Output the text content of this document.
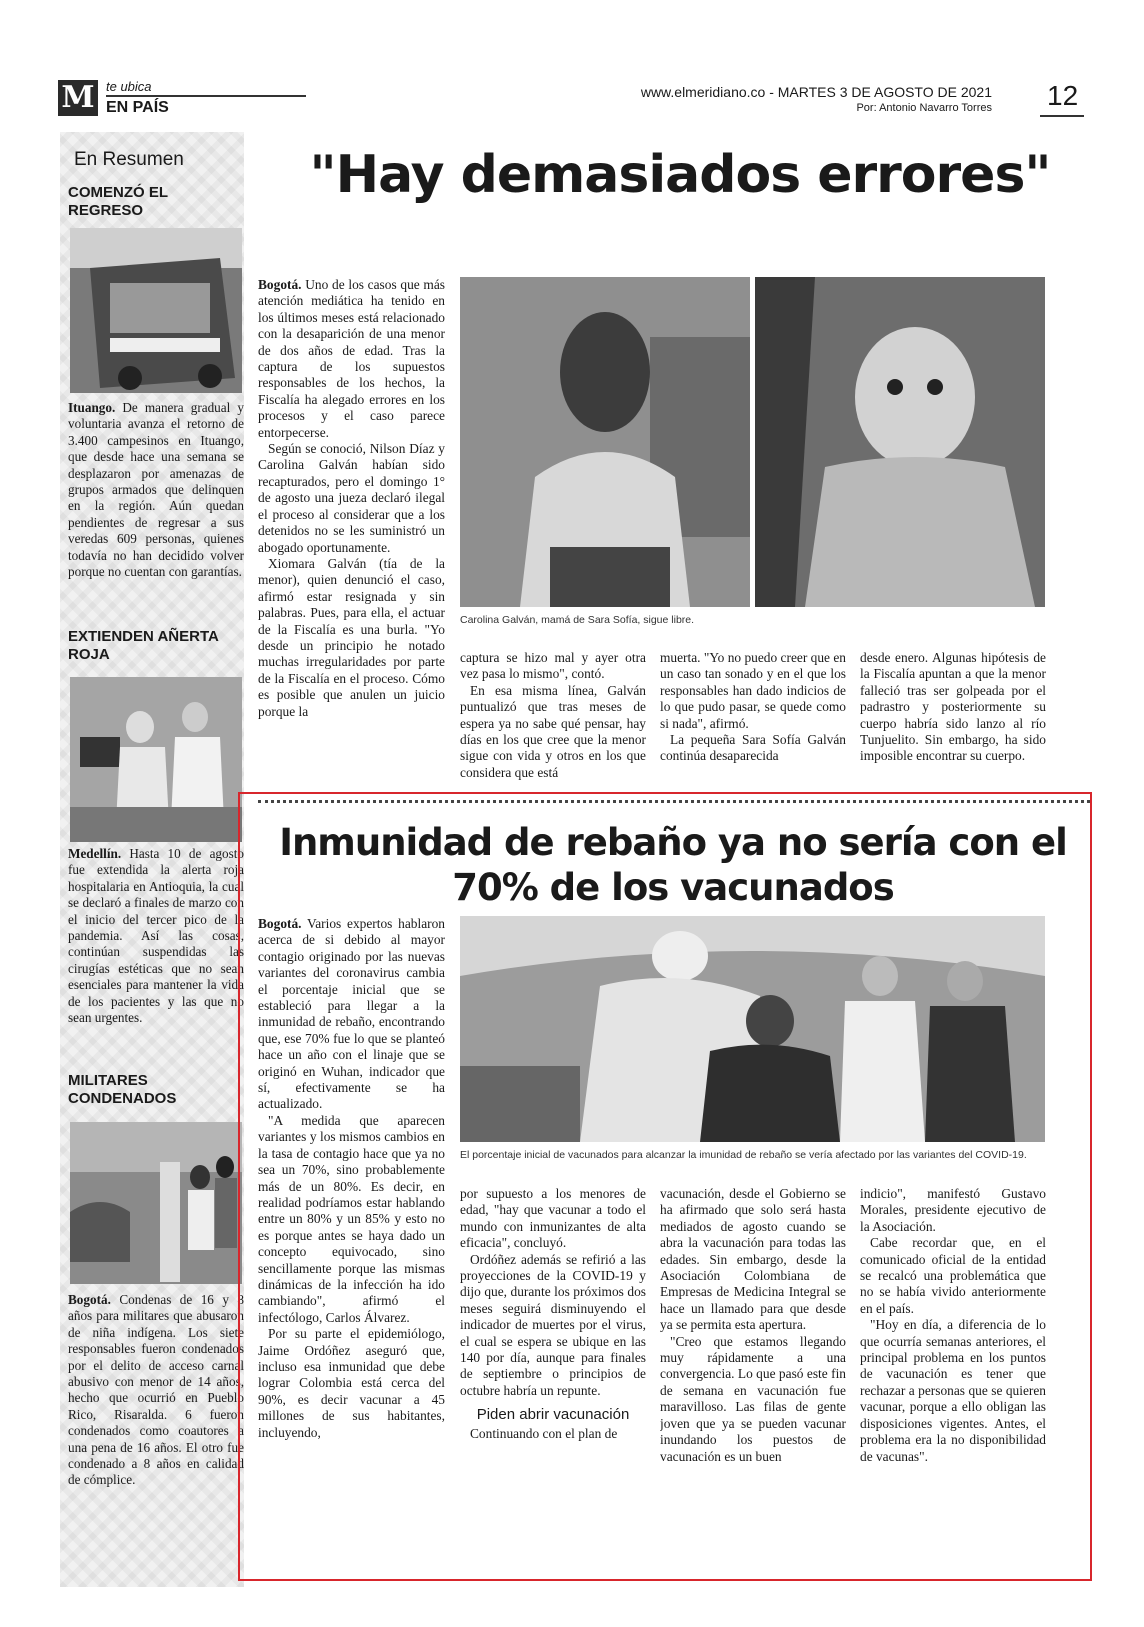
M te ubica
EN PAÍS
www.elmeridiano.co - MARTES 3 DE AGOSTO DE 2021
Por: Antonio Navarro Torres 12
En Resumen
COMENZÓ EL REGRESO
Ituango. De manera gradual y voluntaria avanza el retorno de 3.400 campesinos en Ituango, que desde hace una semana se desplazaron por amenazas de grupos armados que delinquen en la región. Aún quedan pendientes de regresar a sus veredas 609 personas, quienes todavía no han decidido volver porque no cuentan con garantías.
EXTIENDEN AÑERTA ROJA
Medellín. Hasta 10 de agosto fue extendida la alerta roja hospitalaria en Antioquia, la cual se declaró a finales de marzo con el inicio del tercer pico de la pandemia. Así las cosas, continúan suspendidas las cirugías estéticas que no sean esenciales para mantener la vida de los pacientes y las que no sean urgentes.
MILITARES CONDENADOS
Bogotá. Condenas de 16 y 8 años para militares que abusaron de niña indígena. Los siete responsables fueron condenados por el delito de acceso carnal abusivo con menor de 14 años, hecho que ocurrió en Pueblo Rico, Risaralda. 6 fueron condenados como coautores a una pena de 16 años. El otro fue condenado a 8 años en calidad de cómplice.
"Hay demasiados errores"

Bogotá. Uno de los casos que más atención mediática ha tenido en los últimos meses está relacionado con la desaparición de una menor de dos años de edad. Tras la captura de los supuestos responsables de los hechos, la Fiscalía ha alegado errores en los procesos y el caso parece entorpecerse.

Según se conoció, Nilson Díaz y Carolina Galván habían sido recapturados, pero el domingo 1° de agosto una jueza declaró ilegal el proceso al considerar que a los detenidos no se les suministró un abogado oportunamente.

Xiomara Galván (tía de la menor), quien denunció el caso, afirmó estar resignada y sin palabras. Pues, para ella, el actuar de la Fiscalía es una burla. "Yo desde un principio he notado muchas irregularidades por parte de la Fiscalía en el proceso. Cómo es posible que anulen un juicio porque la

Carolina Galván, mamá de Sara Sofía, sigue libre.

captura se hizo mal y ayer otra vez pasa lo mismo", contó.

En esa misma línea, Galván puntualizó que tras meses de espera ya no sabe qué pensar, hay días en los que cree que la menor sigue con vida y otros en los que considera que está

muerta. "Yo no puedo creer que en un caso tan sonado y en el que los responsables han dado indicios de lo que pudo pasar, se quede como si nada", afirmó.

La pequeña Sara Sofía Galván continúa desaparecida

desde enero. Algunas hipótesis de la Fiscalía apuntan a que la menor falleció tras ser golpeada por el padrastro y posteriormente su cuerpo habría sido lanzo al río Tunjuelito. Sin embargo, ha sido imposible encontrar su cuerpo.

Inmunidad de rebaño ya no sería con el 70% de los vacunados

Bogotá. Varios expertos hablaron acerca de si debido al mayor contagio originado por las nuevas variantes del coronavirus cambia el porcentaje inicial que se estableció para llegar a la inmunidad de rebaño, encontrando que, ese 70% fue lo que se planteó hace un año con el linaje que se originó en Wuhan, indicador que sí, efectivamente se ha actualizado.

"A medida que aparecen variantes y los mismos cambios en la tasa de contagio hace que ya no sea un 70%, sino probablemente más de un 80%. Es decir, en realidad podríamos estar hablando entre un 80% y un 85% y esto no es porque antes se haya dado un concepto equivocado, sino sencillamente porque las mismas dinámicas de la infección ha ido cambiando", afirmó el infectólogo, Carlos Álvarez.

Por su parte el epidemiólogo, Jaime Ordóñez aseguró que, incluso esa inmunidad que debe lograr Colombia está cerca del 90%, es decir vacunar a 45 millones de sus habitantes, incluyendo,

El porcentaje inicial de vacunados para alcanzar la imunidad de rebaño se vería afectado por las variantes del COVID-19.

por supuesto a los menores de edad, "hay que vacunar a todo el mundo con inmunizantes de alta eficacia", concluyó.

Ordóñez además se refirió a las proyecciones de la COVID-19 y dijo que, durante los próximos dos meses seguirá disminuyendo el indicador de muertes por el virus, el cual se espera se ubique en las 140 por día, aunque para finales de septiembre o principios de octubre habría un repunte.

Piden abrir vacunación

Continuando con el plan de

vacunación, desde el Gobierno se ha afirmado que solo será hasta mediados de agosto cuando se abra la vacunación para todas las edades. Sin embargo, desde la Asociación Colombiana de Empresas de Medicina Integral se hace un llamado para que desde ya se permita esta apertura.

"Creo que estamos llegando muy rápidamente a una convergencia. Lo que pasó este fin de semana en vacunación fue maravilloso. Las filas de gente joven que ya se pueden vacunar inundando los puestos de vacunación es un buen

indicio", manifestó Gustavo Morales, presidente ejecutivo de la Asociación.

Cabe recordar que, en el comunicado oficial de la entidad se recalcó una problemática que no se había vivido anteriormente en el país.

"Hoy en día, a diferencia de lo que ocurría semanas anteriores, el principal problema en los puntos de vacunación es tener que rechazar a personas que se quieren vacunar, porque a ello obligan las disposiciones vigentes. Antes, el problema era la no disponibilidad de vacunas".
